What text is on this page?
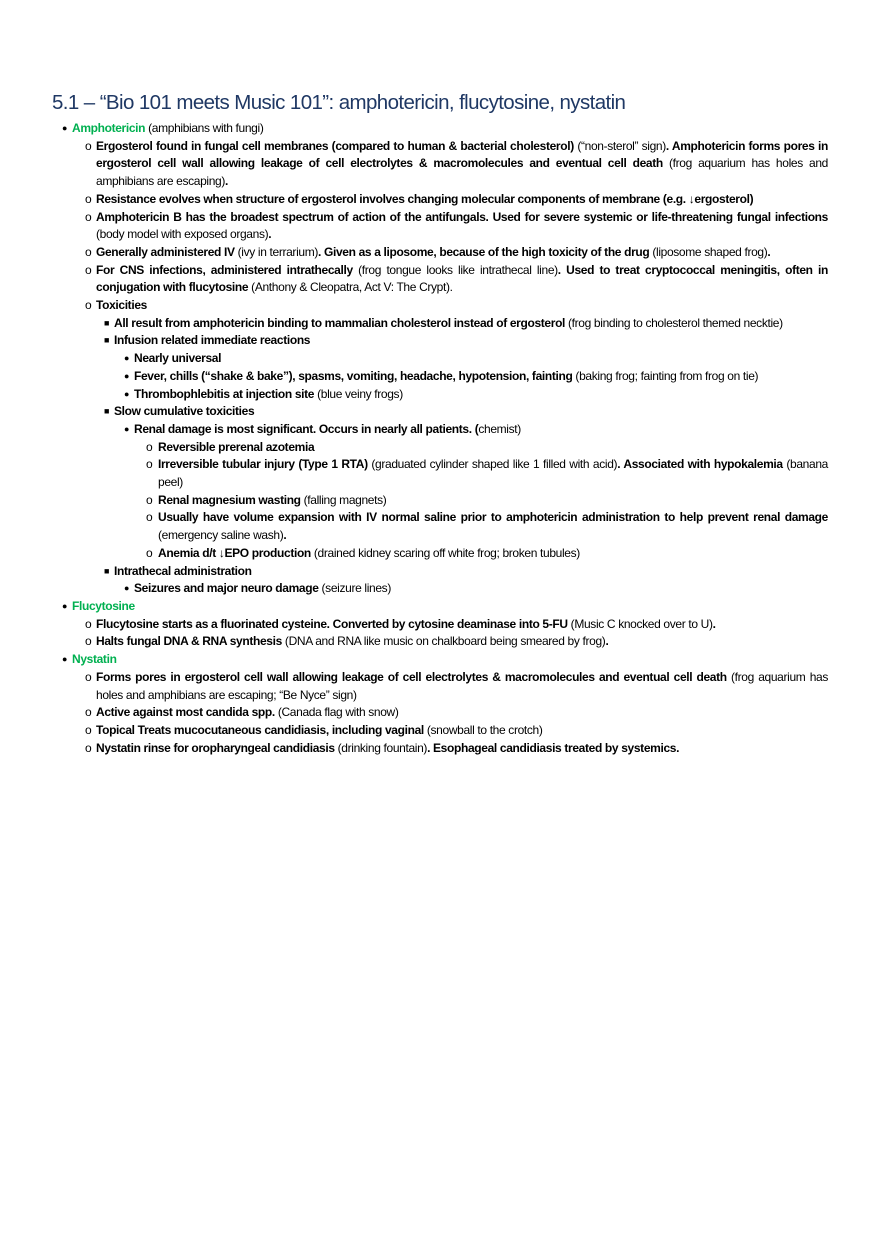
5.1 – “Bio 101 meets Music 101”: amphotericin, flucytosine, nystatin
● Amphotericin (amphibians with fungi)
o Ergosterol found in fungal cell membranes (compared to human & bacterial cholesterol) (“non-sterol” sign). Amphotericin forms pores in ergosterol cell wall allowing leakage of cell electrolytes & macromolecules and eventual cell death (frog aquarium has holes and amphibians are escaping).
o Resistance evolves when structure of ergosterol involves changing molecular components of membrane (e.g. ↓ergosterol)
o Amphotericin B has the broadest spectrum of action of the antifungals. Used for severe systemic or life-threatening fungal infections (body model with exposed organs).
o Generally administered IV (ivy in terrarium). Given as a liposome, because of the high toxicity of the drug (liposome shaped frog).
o For CNS infections, administered intrathecally (frog tongue looks like intrathecal line). Used to treat cryptococcal meningitis, often in conjugation with flucytosine (Anthony & Cleopatra, Act V: The Crypt).
o Toxicities
■ All result from amphotericin binding to mammalian cholesterol instead of ergosterol (frog binding to cholesterol themed necktie)
■ Infusion related immediate reactions
● Nearly universal
● Fever, chills (“shake & bake”), spasms, vomiting, headache, hypotension, fainting (baking frog; fainting from frog on tie)
● Thrombophlebitis at injection site (blue veiny frogs)
■ Slow cumulative toxicities
● Renal damage is most significant. Occurs in nearly all patients. (chemist)
o Reversible prerenal azotemia
o Irreversible tubular injury (Type 1 RTA) (graduated cylinder shaped like 1 filled with acid). Associated with hypokalemia (banana peel)
o Renal magnesium wasting (falling magnets)
o Usually have volume expansion with IV normal saline prior to amphotericin administration to help prevent renal damage (emergency saline wash).
o Anemia d/t ↓EPO production (drained kidney scaring off white frog; broken tubules)
■ Intrathecal administration
● Seizures and major neuro damage (seizure lines)
● Flucytosine
o Flucytosine starts as a fluorinated cysteine. Converted by cytosine deaminase into 5-FU (Music C knocked over to U).
o Halts fungal DNA & RNA synthesis (DNA and RNA like music on chalkboard being smeared by frog).
● Nystatin
o Forms pores in ergosterol cell wall allowing leakage of cell electrolytes & macromolecules and eventual cell death (frog aquarium has holes and amphibians are escaping; “Be Nyce” sign)
o Active against most candida spp. (Canada flag with snow)
o Topical Treats mucocutaneous candidiasis, including vaginal (snowball to the crotch)
o Nystatin rinse for oropharyngeal candidiasis (drinking fountain). Esophageal candidiasis treated by systemics.
